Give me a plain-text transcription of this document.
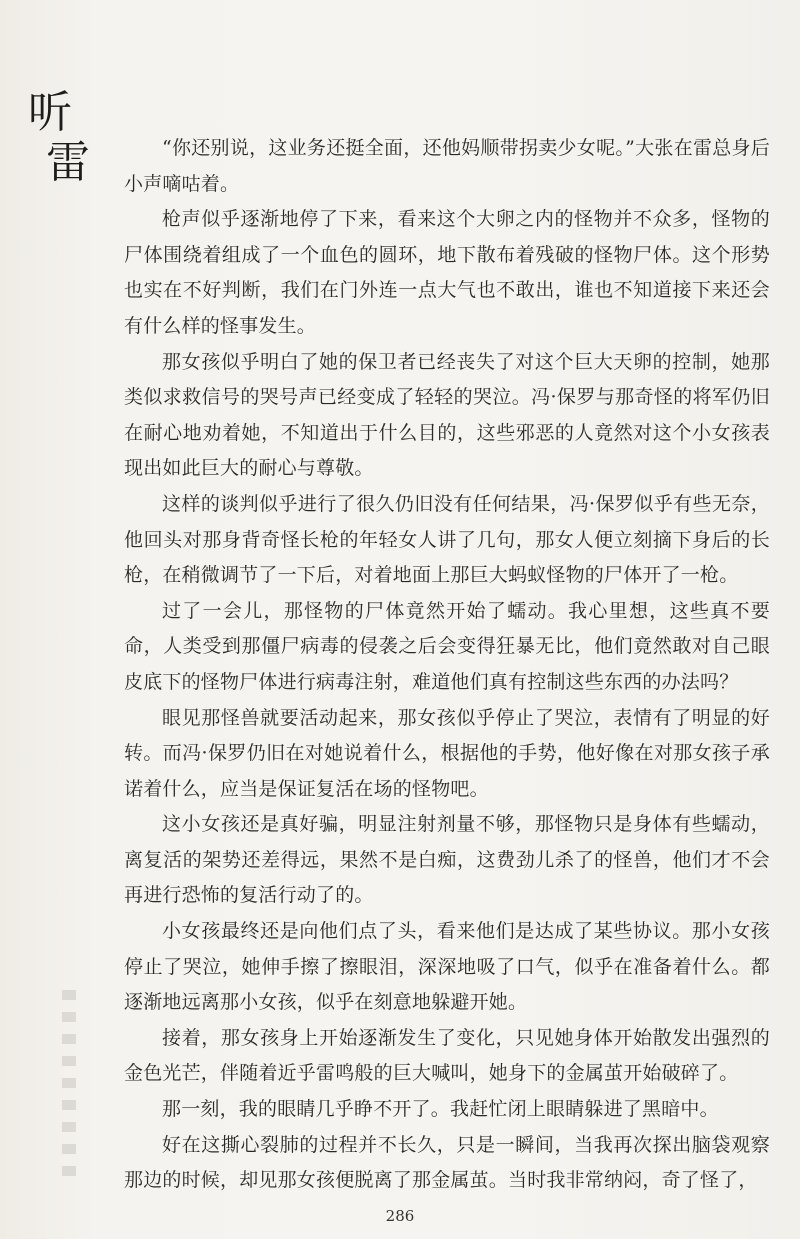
听
雷	“你还别说，这业务还挺全面，还他妈顺带拐卖少女呢。”大张在雷总身后小声嘀咕着。

枪声似乎逐渐地停了下来，看来这个大卵之内的怪物并不众多，怪物的尸体围绕着组成了一个血色的圆环，地下散布着残破的怪物尸体。这个形势也实在不好判断，我们在门外连一点大气也不敢出，谁也不知道接下来还会有什么样的怪事发生。

那女孩似乎明白了她的保卫者已经丧失了对这个巨大天卵的控制，她那类似求救信号的哭号声已经变成了轻轻的哭泣。冯·保罗与那奇怪的将军仍旧在耐心地劝着她，不知道出于什么目的，这些邪恶的人竟然对这个小女孩表现出如此巨大的耐心与尊敬。

这样的谈判似乎进行了很久仍旧没有任何结果，冯·保罗似乎有些无奈，他回头对那身背奇怪长枪的年轻女人讲了几句，那女人便立刻摘下身后的长枪，在稍微调节了一下后，对着地面上那巨大蚂蚁怪物的尸体开了一枪。

过了一会儿，那怪物的尸体竟然开始了蠕动。我心里想，这些真不要命，人类受到那僵尸病毒的侵袭之后会变得狂暴无比，他们竟然敢对自己眼皮底下的怪物尸体进行病毒注射，难道他们真有控制这些东西的办法吗？

眼见那怪兽就要活动起来，那女孩似乎停止了哭泣，表情有了明显的好转。而冯·保罗仍旧在对她说着什么，根据他的手势，他好像在对那女孩子承诺着什么，应当是保证复活在场的怪物吧。

这小女孩还是真好骗，明显注射剂量不够，那怪物只是身体有些蠕动，离复活的架势还差得远，果然不是白痴，这费劲儿杀了的怪兽，他们才不会再进行恐怖的复活行动了的。

小女孩最终还是向他们点了头，看来他们是达成了某些协议。那小女孩停止了哭泣，她伸手擦了擦眼泪，深深地吸了口气，似乎在准备着什么。都逐渐地远离那小女孩，似乎在刻意地躲避开她。

接着，那女孩身上开始逐渐发生了变化，只见她身体开始散发出强烈的金色光芒，伴随着近乎雷鸣般的巨大喊叫，她身下的金属茧开始破碎了。

那一刻，我的眼睛几乎睁不开了。我赶忙闭上眼睛躲进了黑暗中。

好在这撕心裂肺的过程并不长久，只是一瞬间，当我再次探出脑袋观察那边的时候，却见那女孩便脱离了那金属茧。当时我非常纳闷，奇了怪了，

286
